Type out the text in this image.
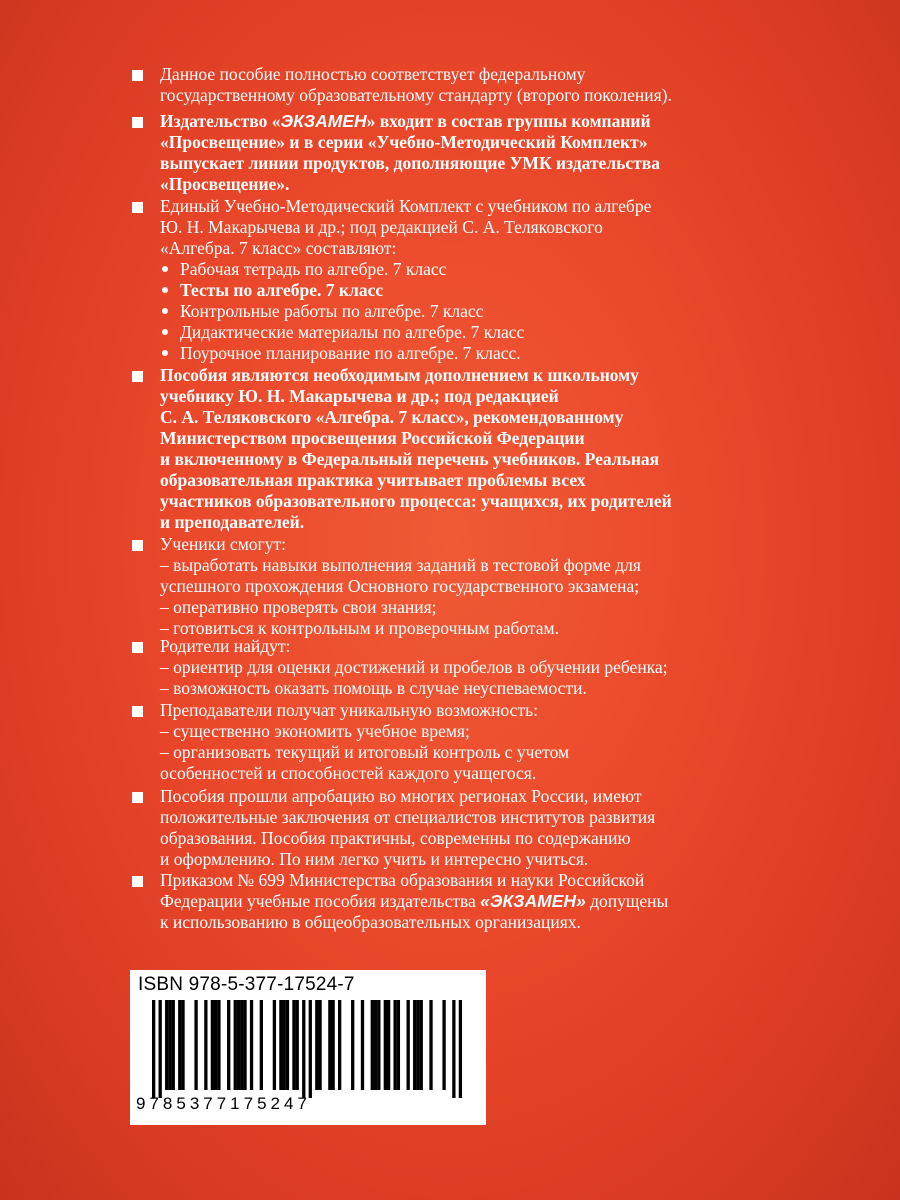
Данное пособие полностью соответствует федеральному
государственному образовательному стандарту (второго поколения).
Издательство «ЭКЗАМЕН» входит в состав группы компаний
«Просвещение» и в серии «Учебно-Методический Комплект»
выпускает линии продуктов, дополняющие УМК издательства
«Просвещение».
Единый Учебно-Методический Комплект с учебником по алгебре
Ю. Н. Макарычева и др.; под редакцией С. А. Теляковского
«Алгебра. 7 класс» составляют:
Рабочая тетрадь по алгебре. 7 класс
Тесты по алгебре. 7 класс
Контрольные работы по алгебре. 7 класс
Дидактические материалы по алгебре. 7 класс
Поурочное планирование по алгебре. 7 класс.
Пособия являются необходимым дополнением к школьному
учебнику Ю. Н. Макарычева и др.; под редакцией
С. А. Теляковского «Алгебра. 7 класс», рекомендованному
Министерством просвещения Российской Федерации
и включенному в Федеральный перечень учебников. Реальная
образовательная практика учитывает проблемы всех
участников образовательного процесса: учащихся, их родителей
и преподавателей.
Ученики смогут:
– выработать навыки выполнения заданий в тестовой форме для
успешного прохождения Основного государственного экзамена;
– оперативно проверять свои знания;
– готовиться к контрольным и проверочным работам.
Родители найдут:
– ориентир для оценки достижений и пробелов в обучении ребенка;
– возможность оказать помощь в случае неуспеваемости.
Преподаватели получат уникальную возможность:
– существенно экономить учебное время;
– организовать текущий и итоговый контроль с учетом
особенностей и способностей каждого учащегося.
Пособия прошли апробацию во многих регионах России, имеют
положительные заключения от специалистов институтов развития
образования. Пособия практичны, современны по содержанию
и оформлению. По ним легко учить и интересно учиться.
Приказом № 699 Министерства образования и науки Российской
Федерации учебные пособия издательства «ЭКЗАМЕН» допущены
к использованию в общеобразовательных организациях.
ISBN 978-5-377-17524-7
9785377175247
